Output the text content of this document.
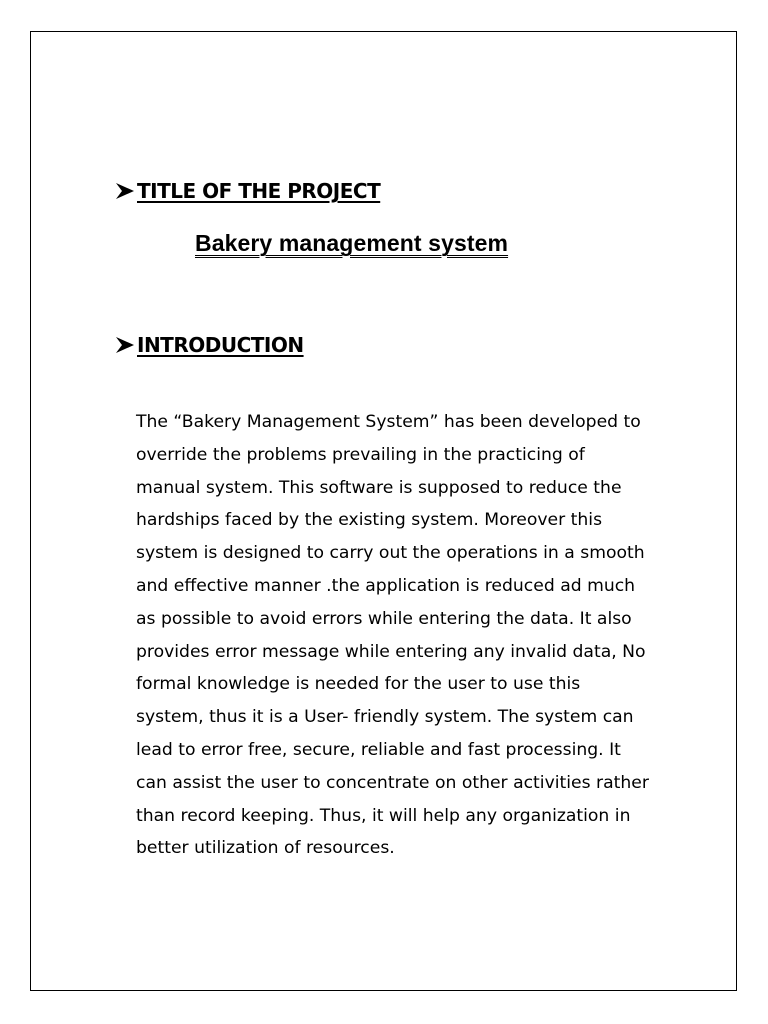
TITLE OF THE PROJECT
Bakery management system
INTRODUCTION
The “Bakery Management System” has been developed to
override the problems prevailing in the practicing of
manual system. This software is supposed to reduce the
hardships faced by the existing system. Moreover this
system is designed to carry out the operations in a smooth
and effective manner .the application is reduced ad much
as possible to avoid errors while entering the data. It also
provides error message while entering any invalid data, No
formal knowledge is needed for the user to use this
system, thus it is a User- friendly system. The system can
lead to error free, secure, reliable and fast processing. It
can assist the user to concentrate on other activities rather
than record keeping. Thus, it will help any organization in
better utilization of resources.
